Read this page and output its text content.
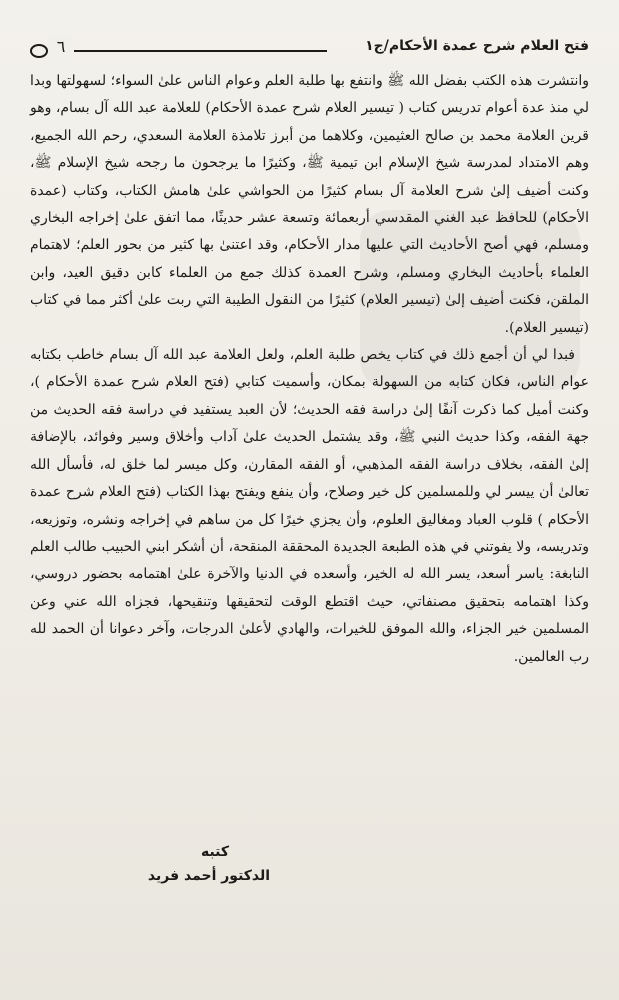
فتح العلام شرح عمدة الأحكام/ج١
٦

وانتشرت هذه الكتب بفضل الله ﷺ وانتفع بها طلبة العلم وعوام الناس علىٰ السواء؛ لسهولتها وبدا لي منذ عدة أعوام تدريس كتاب ( تيسير العلام شرح عمدة الأحكام) للعلامة عبد الله آل بسام، وهو قرين العلامة محمد بن صالح العثيمين، وكلاهما من أبرز تلامذة العلامة السعدي، رحم الله الجميع، وهم الامتداد لمدرسة شيخ الإسلام ابن تيمية ﷺ، وكثيرًا ما يرجحون ما رجحه شيخ الإسلام ﷺ، وكنت أضيف إلىٰ شرح العلامة آل بسام كثيرًا من الحواشي علىٰ هامش الكتاب، وكتاب (عمدة الأحكام) للحافظ عبد الغني المقدسي أربعمائة وتسعة عشر حديثًا، مما اتفق علىٰ إخراجه البخاري ومسلم، فهي أصح الأحاديث التي عليها مدار الأحكام، وقد اعتنىٰ بها كثير من بحور العلم؛ لاهتمام العلماء بأحاديث البخاري ومسلم، وشرح العمدة كذلك جمع من العلماء كابن دقيق العيد، وابن الملقن، فكنت أضيف إلىٰ (تيسير العلام) كثيرًا من النقول الطيبة التي ربت علىٰ أكثر مما في كتاب (تيسير العلام).

فبدا لي أن أجمع ذلك في كتاب يخص طلبة العلم، ولعل العلامة عبد الله آل بسام خاطب بكتابه عوام الناس، فكان كتابه من السهولة بمكان، وأسميت كتابي (فتح العلام شرح عمدة الأحكام )، وكنت أميل كما ذكرت آنفًا إلىٰ دراسة فقه الحديث؛ لأن العبد يستفيد في دراسة فقه الحديث من جهة الفقه، وكذا حديث النبي ﷺ، وقد يشتمل الحديث علىٰ آداب وأخلاق وسير وفوائد، بالإضافة إلىٰ الفقه، بخلاف دراسة الفقه المذهبي، أو الفقه المقارن، وكل ميسر لما خلق له، فأسأل الله تعالىٰ أن ييسر لي وللمسلمين كل خير وصلاح، وأن ينفع ويفتح بهذا الكتاب (فتح العلام شرح عمدة الأحكام ) قلوب العباد ومغاليق العلوم، وأن يجزي خيرًا كل من ساهم في إخراجه ونشره، وتوزيعه، وتدريسه، ولا يفوتني في هذه الطبعة الجديدة المحققة المنقحة، أن أشكر ابني الحبيب طالب العلم النابغة: ياسر أسعد، يسر الله له الخير، وأسعده في الدنيا والآخرة علىٰ اهتمامه بحضور دروسي، وكذا اهتمامه بتحقيق مصنفاتي، حيث اقتطع الوقت لتحقيقها وتنقيحها، فجزاه الله عني وعن المسلمين خير الجزاء، والله الموفق للخيرات، والهادي لأعلىٰ الدرجات، وآخر دعوانا أن الحمد لله رب العالمين.

كتبه
الدكتور أحمد فريد
